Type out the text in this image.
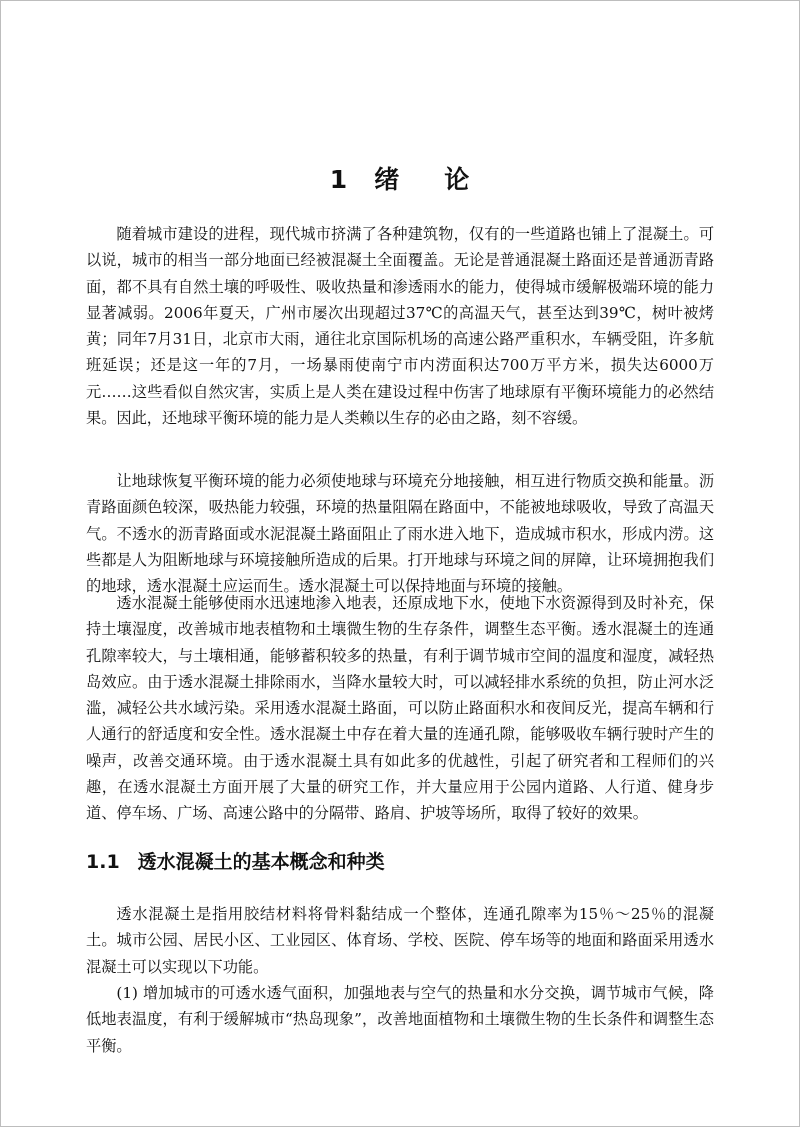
1 绪 论

随着城市建设的进程，现代城市挤满了各种建筑物，仅有的一些道路也铺上了混凝土。可以说，城市的相当一部分地面已经被混凝土全面覆盖。无论是普通混凝土路面还是普通沥青路面，都不具有自然土壤的呼吸性、吸收热量和渗透雨水的能力，使得城市缓解极端环境的能力显著减弱。2006年夏天，广州市屡次出现超过37℃的高温天气，甚至达到39℃，树叶被烤黄；同年7月31日，北京市大雨，通往北京国际机场的高速公路严重积水，车辆受阻，许多航班延误；还是这一年的7月，一场暴雨使南宁市内涝面积达700万平方米，损失达6000万元……这些看似自然灾害，实质上是人类在建设过程中伤害了地球原有平衡环境能力的必然结果。因此，还地球平衡环境的能力是人类赖以生存的必由之路，刻不容缓。

让地球恢复平衡环境的能力必须使地球与环境充分地接触，相互进行物质交换和能量。沥青路面颜色较深，吸热能力较强，环境的热量阻隔在路面中，不能被地球吸收，导致了高温天气。不透水的沥青路面或水泥混凝土路面阻止了雨水进入地下，造成城市积水，形成内涝。这些都是人为阻断地球与环境接触所造成的后果。打开地球与环境之间的屏障，让环境拥抱我们的地球，透水混凝土应运而生。透水混凝土可以保持地面与环境的接触。

透水混凝土能够使雨水迅速地渗入地表，还原成地下水，使地下水资源得到及时补充，保持土壤湿度，改善城市地表植物和土壤微生物的生存条件，调整生态平衡。透水混凝土的连通孔隙率较大，与土壤相通，能够蓄积较多的热量，有利于调节城市空间的温度和湿度，减轻热岛效应。由于透水混凝土排除雨水，当降水量较大时，可以减轻排水系统的负担，防止河水泛滥，减轻公共水域污染。采用透水混凝土路面，可以防止路面积水和夜间反光，提高车辆和行人通行的舒适度和安全性。透水混凝土中存在着大量的连通孔隙，能够吸收车辆行驶时产生的噪声，改善交通环境。由于透水混凝土具有如此多的优越性，引起了研究者和工程师们的兴趣，在透水混凝土方面开展了大量的研究工作，并大量应用于公园内道路、人行道、健身步道、停车场、广场、高速公路中的分隔带、路肩、护坡等场所，取得了较好的效果。

1.1 透水混凝土的基本概念和种类

透水混凝土是指用胶结材料将骨料黏结成一个整体，连通孔隙率为15％～25％的混凝土。城市公园、居民小区、工业园区、体育场、学校、医院、停车场等的地面和路面采用透水混凝土可以实现以下功能。

(1) 增加城市的可透水透气面积，加强地表与空气的热量和水分交换，调节城市气候，降低地表温度，有利于缓解城市“热岛现象”，改善地面植物和土壤微生物的生长条件和调整生态平衡。
